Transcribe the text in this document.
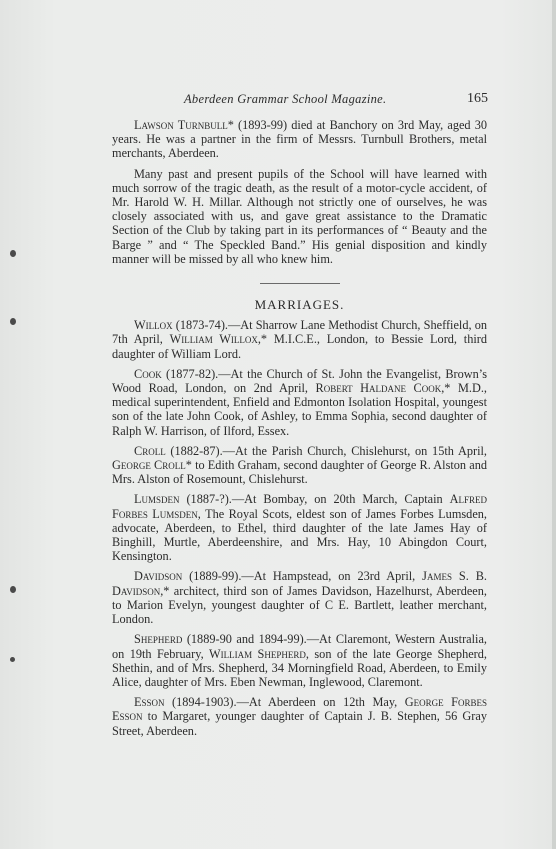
Aberdeen Grammar School Magazine.	165

Lawson Turnbull* (1893-99) died at Banchory on 3rd May, aged 30 years. He was a partner in the firm of Messrs. Turnbull Brothers, metal merchants, Aberdeen.

Many past and present pupils of the School will have learned with much sorrow of the tragic death, as the result of a motor-cycle accident, of Mr. Harold W. H. Millar. Although not strictly one of ourselves, he was closely associated with us, and gave great assistance to the Dramatic Section of the Club by taking part in its performances of “ Beauty and the Barge ” and “ The Speckled Band.” His genial disposition and kindly manner will be missed by all who knew him.

MARRIAGES.

Willox (1873-74).—At Sharrow Lane Methodist Church, Sheffield, on 7th April, William Willox,* M.I.C.E., London, to Bessie Lord, third daughter of William Lord.

Cook (1877-82).—At the Church of St. John the Evangelist, Brown’s Wood Road, London, on 2nd April, Robert Haldane Cook,* M.D., medical superintendent, Enfield and Edmonton Isolation Hospital, youngest son of the late John Cook, of Ashley, to Emma Sophia, second daughter of Ralph W. Harrison, of Ilford, Essex.

Croll (1882-87).—At the Parish Church, Chislehurst, on 15th April, George Croll* to Edith Graham, second daughter of George R. Alston and Mrs. Alston of Rosemount, Chislehurst.

Lumsden (1887-?).—At Bombay, on 20th March, Captain Alfred Forbes Lumsden, The Royal Scots, eldest son of James Forbes Lumsden, advocate, Aberdeen, to Ethel, third daughter of the late James Hay of Binghill, Murtle, Aberdeenshire, and Mrs. Hay, 10 Abingdon Court, Kensington.

Davidson (1889-99).—At Hampstead, on 23rd April, James S. B. Davidson,* architect, third son of James Davidson, Hazelhurst, Aberdeen, to Marion Evelyn, youngest daughter of C E. Bartlett, leather merchant, London.

Shepherd (1889-90 and 1894-99).—At Claremont, Western Australia, on 19th February, William Shepherd, son of the late George Shepherd, Shethin, and of Mrs. Shepherd, 34 Morningfield Road, Aberdeen, to Emily Alice, daughter of Mrs. Eben Newman, Inglewood, Claremont.

Esson (1894-1903).—At Aberdeen on 12th May, George Forbes Esson to Margaret, younger daughter of Captain J. B. Stephen, 56 Gray Street, Aberdeen.
